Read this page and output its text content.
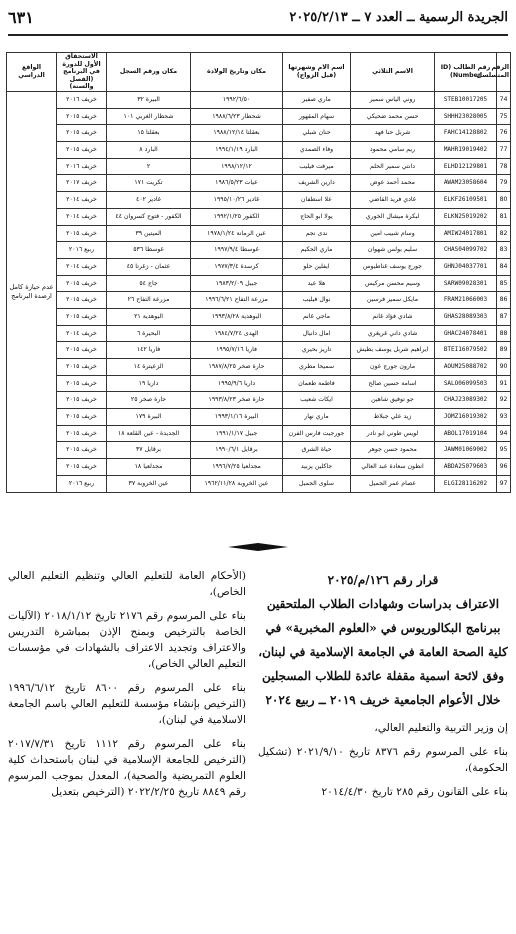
الجريدة الرسمية ــ العدد ٧ ــ ٢٠٢٥/٢/١٣
٦٣١
الرقم المتسلسل	رقم الطالب (ID Number)	الاسم الثلاثي	اسم الام وشهرتها (قبل الزواج)	مكان وتاريخ الولادة	مكان ورقم السجل	الاستحقاق الأول للدورة في البرنامج (الفصل والسنة)	الواقع الدراسي
74	STEB10017205	روني الياس سمير	ماري صفير	١٩٩٢/٦/٥٠	البيرة ٣٢	خريف ٢٠١٦	عدم حيازة كامل ارصدة البرنامج
75	SHHH23028005	حسن محمد ضحيكي	سهام المقهور	شحطار ١٩٨٨/٦/٢٣	شحطار الغربي ١٠١	خريف ٢٠١٥	
76	FAHC14128802	شربل حنا فهد	حنان شبلي	بعقلتا ١٩٨٨/١٢/١٤	بعقلتا ١٥	خريف ٢٠١٥	
77	MAHR19019402	ريم سامي محمود	وفاء الصمدي	البارد ١٩٩٤/١/١٩	البارد ٨	خريف ٢٠١٥	
78	ELHD12129801	دانتي سمير الحلم	ميرفت فيليب	١٩٩٨/١٢/١٢	٢	خريف ٢٠١٦	
79	AWAM23058604	محمد أحمد عوض	دارين الشريف	عيات ١٩٨٦/٥/٢٣	تكريت ١٧١	خريف ٢٠١٧	
80	ELKF26109501	غادي فريد القاضي	علا اسطفان	غادير ١٩٩٥/١٠/٢٦	غادير ٤٠٢	خريف ٢٠١٤	
81	ELKN25019202	لبكرة ميشال الخوري	يولا ابو الحاج	الكفور ١٩٩٢/١/٢٥	الكفور - فتوح كسروان ٤٤	خريف ٢٠١٤	
82	AMIW24017801	وسام شبيب امين	ندى نجم	عين الرمانة ١٩٧٨/١/٢٤	الميتين ٣٩	خريف ٢٠١٥	
83	CHAS04099702	سليم بولس شهوان	ماري الحكيم	غوسطا ١٩٩٧/٩/٤	غوسطا ٥٣٦	ربيع ٢٠١٦	
84	GHNJ04037701	جورج يوسف غناطيوس	ايفلين حلو	كرسدة ١٩٧٧/٣/٤	عثمان - زغرتا ٤٥	خريف ٢٠١٤	
85	SARW09028301	وسيم محسن مركيس	هلا عيد	جبيل ١٩٨٣/٢/٠٩	جاج ٥٤	خريف ٢٠١٥	
86	FRAM21066003	مايكل سمير فرسين	نوال فيليب	مزرعة التفاح ١٩٩٦/٦/٢١	مزرعة التفاح ٢٦	خريف ٢٠١٥	
87	GHAS28089303	شادي فؤاد غانم	ماجي غانم	اليوهدية ١٩٩٣/٨/٢٨	اليوهدية ٢١	خريف ٢٠١٥	
88	GHAC24078401	شادي داني غريغري	امال دانيال	الهدى ١٩٨٤/٧/٢٤	البحيرة ٦	خريف ٢٠١٤	
89	BTEI16079502	ايراهيم شربل يوسف بطيش	تاريز بحيري	فاريا ١٩٩٥/٧/١٦	فاريا ١٤٢	خريف ٢٠١٥	
90	AOUM25088702	مارون جورج عون	سميحا مطري	حارة صخر ١٩٨٧/٨/٢٥	الزعيترة ١٤	خريف ٢٠١٥	
91	SALO06099503	اسامة حسين صالح	فاطمة طعمان	داريا ١٩٩٥/٩/٦	داريا ١٩	خريف ٢٠١٥	
92	CHAJ23089302	جو توفيق شاهين	ايكات شعيب	حارة صخر ١٩٩٣/٨/٢٣	حارة صخر ٢٥	خريف ٢٠١٥	
93	JOMZ16019302	زيد علي جبلاط	ماري نهار	البيرة ١٩٩٣/١/١٦	البيرة ١٧٩	خريف ٢٠١٥	
94	ABOL17019104	لويس طوني ابو نادر	جورجيت فارس الفرن	جبيل ١٩٩١/١/١٧	الجديدة - عين القلعة ١٨	خريف ٢٠١٥	
95	JAWM01069002	محمود حسن جوهر	حياة الشرق	برقايل ١٩٩٠/٦/١	برقايل ٣٧	خريف ٢٠١٥	
96	ABDA25079603	انطون سعادة عبد العالي	جاكلين يزبيد	مجدلعيا ١٩٩٦/٧/٢٥	مجدلعيا ١٨	خريف ٢٠١٥	
97	ELGI28116202	عصام عمر الجميل	سلوى الجميل	عين الخروبة ١٩٦٢/١١/٢٨	عين الخروبة ٣٧	ربيع ٢٠١٦	

قرار رقم ١٢٦/م/٢٠٢٥
الاعتراف بدراسات وشهادات الطلاب الملتحقين ببرنامج البكالوريوس في «العلوم المخبرية» في كلية الصحة العامة في الجامعة الإسلامية في لبنان، وفق لائحة اسمية مقفلة عائدة للطلاب المسجلين خلال الأعوام الجامعية خريف ٢٠١٩ ــ ربيع ٢٠٢٤

إن وزير التربية والتعليم العالي،

بناء على المرسوم رقم ٨٣٧٦ تاريخ ٢٠٢١/٩/١٠ (تشكيل الحكومة)،

بناء على القانون رقم ٢٨٥ تاريخ ٢٠١٤/٤/٣٠

(الأحكام العامة للتعليم العالي وتنظيم التعليم العالي الخاص)،

بناء على المرسوم رقم ٢١٧٦ تاريخ ٢٠١٨/١/١٢ (الآليات الخاصة بالترخيص وبمنح الإذن بمباشرة التدريس والاعتراف وتجديد الاعتراف بالشهادات في مؤسسات التعليم العالي الخاص)،

بناء على المرسوم رقم ٨٦٠٠ تاريخ ١٩٩٦/٦/١٢ (الترخيص بإنشاء مؤسسة للتعليم العالي باسم الجامعة الاسلامية في لبنان)،

بناء على المرسوم رقم ١١١٢ تاريخ ٢٠١٧/٧/٣١ (الترخيص للجامعة الإسلامية في لبنان باستحداث كلية العلوم التمريضية والصحية)، المعدل بموجب المرسوم رقم ٨٨٤٩ تاريخ ٢٠٢٢/٢/٢٥ (الترخيص بتعديل
